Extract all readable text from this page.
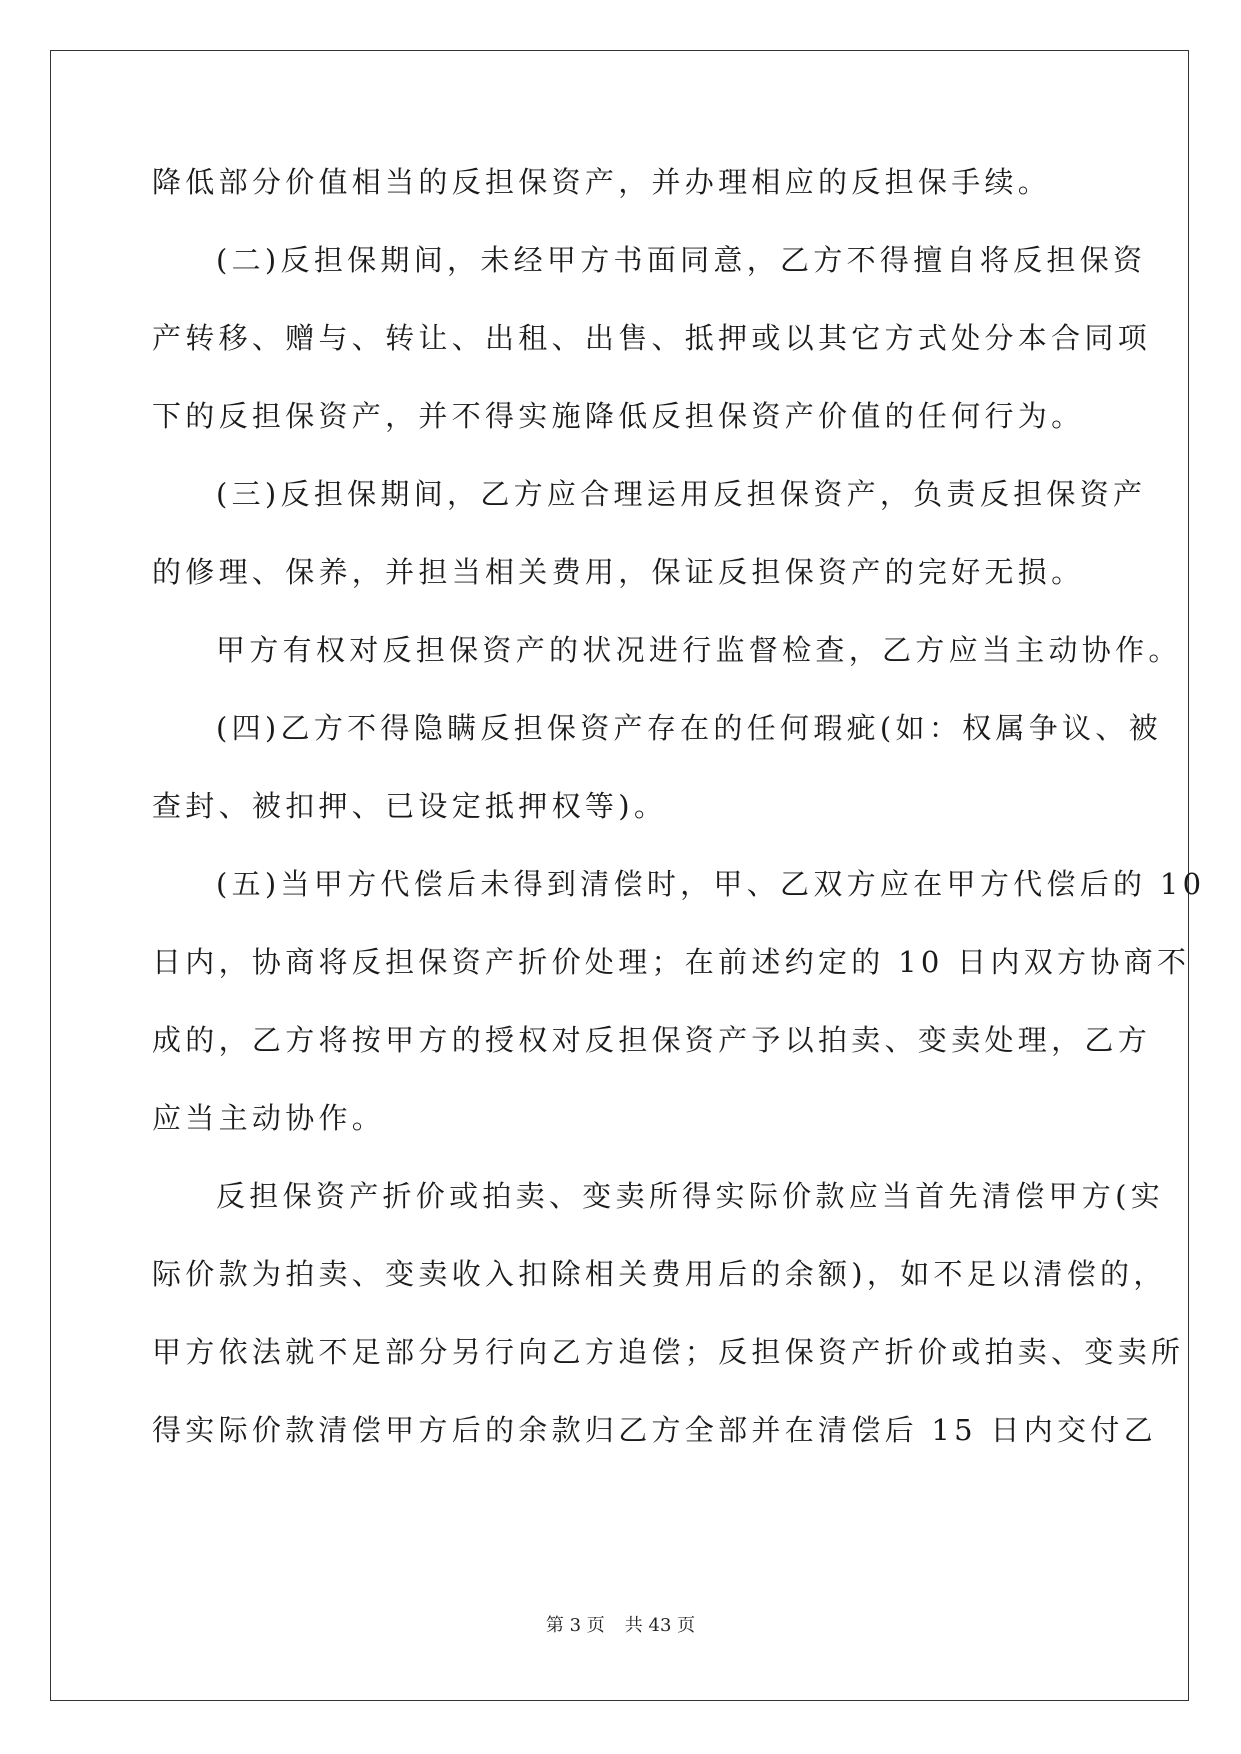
降低部分价值相当的反担保资产，并办理相应的反担保手续。
(二)反担保期间，未经甲方书面同意，乙方不得擅自将反担保资
产转移、赠与、转让、出租、出售、抵押或以其它方式处分本合同项
下的反担保资产，并不得实施降低反担保资产价值的任何行为。
(三)反担保期间，乙方应合理运用反担保资产，负责反担保资产
的修理、保养，并担当相关费用，保证反担保资产的完好无损。
甲方有权对反担保资产的状况进行监督检查，乙方应当主动协作。
(四)乙方不得隐瞒反担保资产存在的任何瑕疵(如：权属争议、被
查封、被扣押、已设定抵押权等)。
(五)当甲方代偿后未得到清偿时，甲、乙双方应在甲方代偿后的 10
日内，协商将反担保资产折价处理；在前述约定的 10 日内双方协商不
成的，乙方将按甲方的授权对反担保资产予以拍卖、变卖处理，乙方
应当主动协作。
反担保资产折价或拍卖、变卖所得实际价款应当首先清偿甲方(实
际价款为拍卖、变卖收入扣除相关费用后的余额)，如不足以清偿的，
甲方依法就不足部分另行向乙方追偿；反担保资产折价或拍卖、变卖所
得实际价款清偿甲方后的余款归乙方全部并在清偿后 15 日内交付乙
第 3 页 共 43 页
